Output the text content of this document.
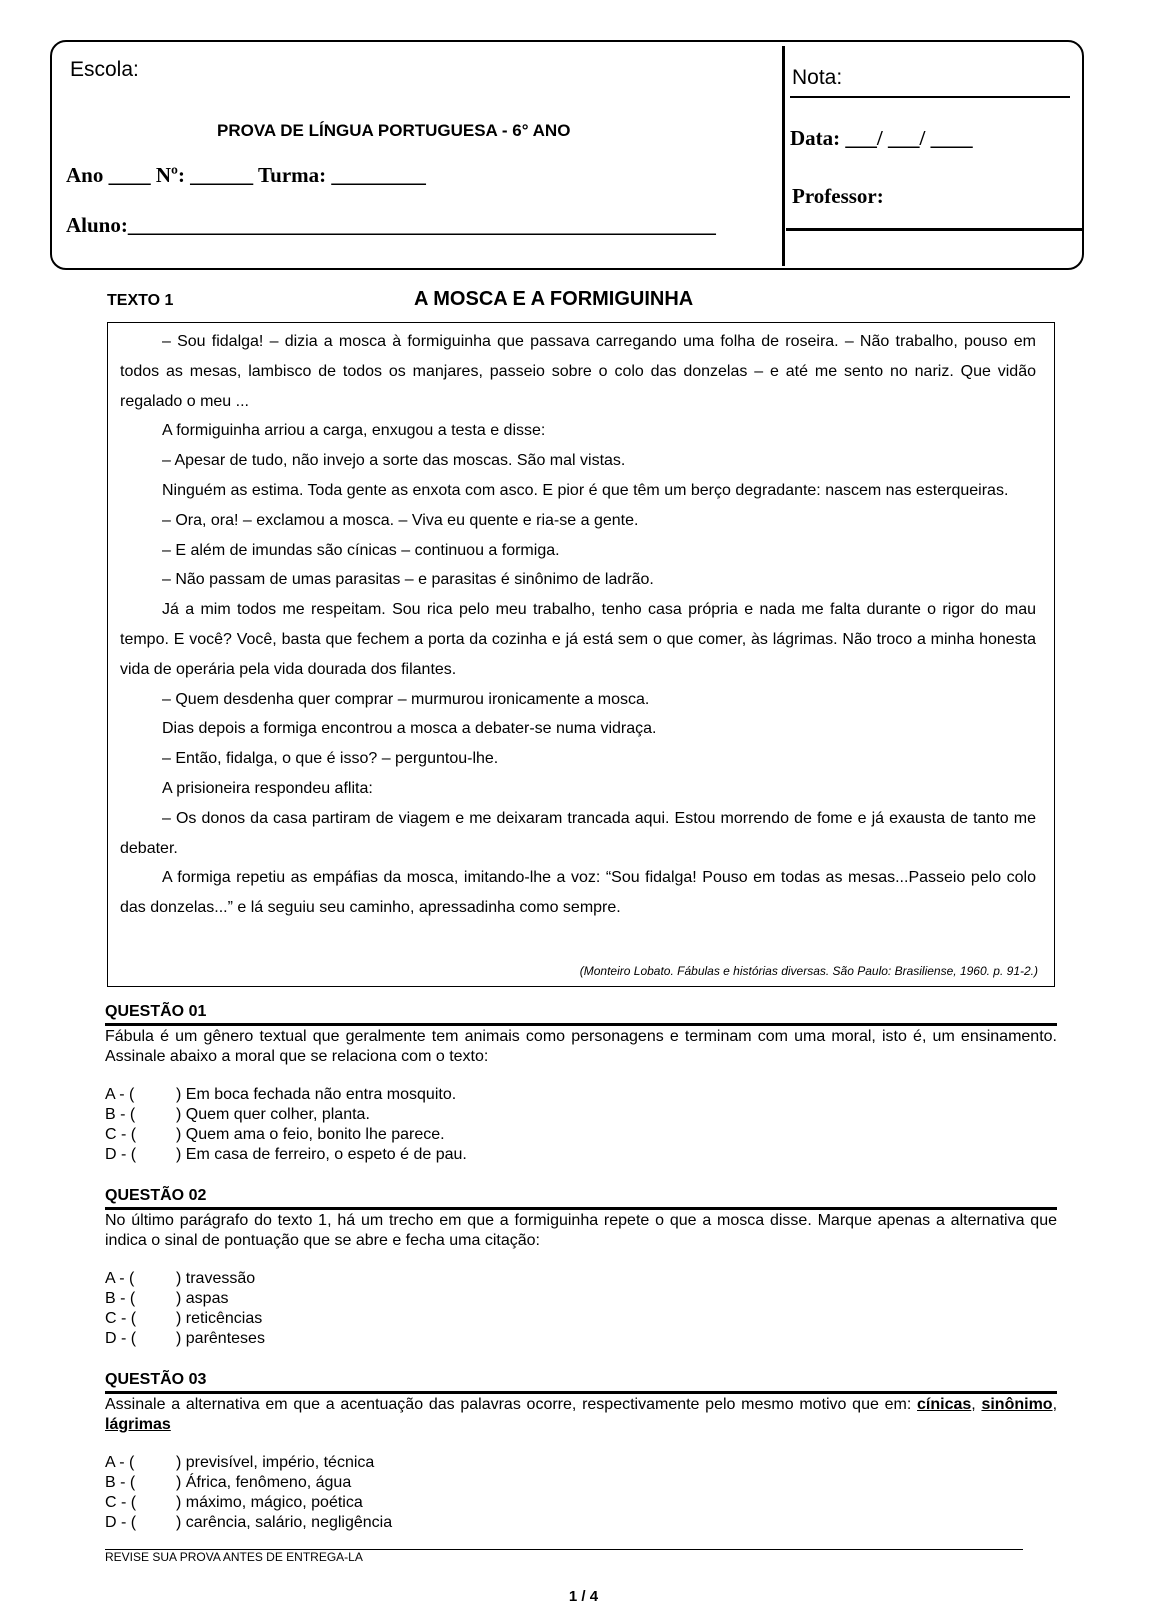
Escola:
PROVA DE LÍNGUA PORTUGUESA - 6° ANO
Ano ____ Nº: ______ Turma: _________
Aluno:________________________________________________________
Nota:
Data: ___/ ___/ ____
Professor:
TEXTO 1	A MOSCA E A FORMIGUINHA

– Sou fidalga! – dizia a mosca à formiguinha que passava carregando uma folha de roseira. – Não trabalho, pouso em todos as mesas, lambisco de todos os manjares, passeio sobre o colo das donzelas – e até me sento no nariz. Que vidão regalado o meu ...

A formiguinha arriou a carga, enxugou a testa e disse:

– Apesar de tudo, não invejo a sorte das moscas. São mal vistas.

Ninguém as estima. Toda gente as enxota com asco. E pior é que têm um berço degradante: nascem nas esterqueiras.

– Ora, ora! – exclamou a mosca. – Viva eu quente e ria-se a gente.

– E além de imundas são cínicas – continuou a formiga.

– Não passam de umas parasitas – e parasitas é sinônimo de ladrão.

Já a mim todos me respeitam. Sou rica pelo meu trabalho, tenho casa própria e nada me falta durante o rigor do mau tempo. E você? Você, basta que fechem a porta da cozinha e já está sem o que comer, às lágrimas. Não troco a minha honesta vida de operária pela vida dourada dos filantes.

– Quem desdenha quer comprar – murmurou ironicamente a mosca.

Dias depois a formiga encontrou a mosca a debater-se numa vidraça.

– Então, fidalga, o que é isso? – perguntou-lhe.

A prisioneira respondeu aflita:

– Os donos da casa partiram de viagem e me deixaram trancada aqui. Estou morrendo de fome e já exausta de tanto me debater.

A formiga repetiu as empáfias da mosca, imitando-lhe a voz: “Sou fidalga! Pouso em todas as mesas...Passeio pelo colo das donzelas...” e lá seguiu seu caminho, apressadinha como sempre.

(Monteiro Lobato. Fábulas e histórias diversas. São Paulo: Brasiliense, 1960. p. 91-2.)
QUESTÃO 01
Fábula é um gênero textual que geralmente tem animais como personagens e terminam com uma moral, isto é, um ensinamento. Assinale abaixo a moral que se relaciona com o texto:
A - (	) Em boca fechada não entra mosquito.
B - (	) Quem quer colher, planta.
C - (	) Quem ama o feio, bonito lhe parece.
D - (	) Em casa de ferreiro, o espeto é de pau.
QUESTÃO 02
No último parágrafo do texto 1, há um trecho em que a formiguinha repete o que a mosca disse. Marque apenas a alternativa que indica o sinal de pontuação que se abre e fecha uma citação:
A - (	) travessão
B - (	) aspas
C - (	) reticências
D - (	) parênteses
QUESTÃO 03
Assinale a alternativa em que a acentuação das palavras ocorre, respectivamente pelo mesmo motivo que em: cínicas, sinônimo, lágrimas
A - (	) previsível, império, técnica
B - (	) África, fenômeno, água
C - (	) máximo, mágico, poética
D - (	) carência, salário, negligência
REVISE SUA PROVA ANTES DE ENTREGA-LA
1 / 4
